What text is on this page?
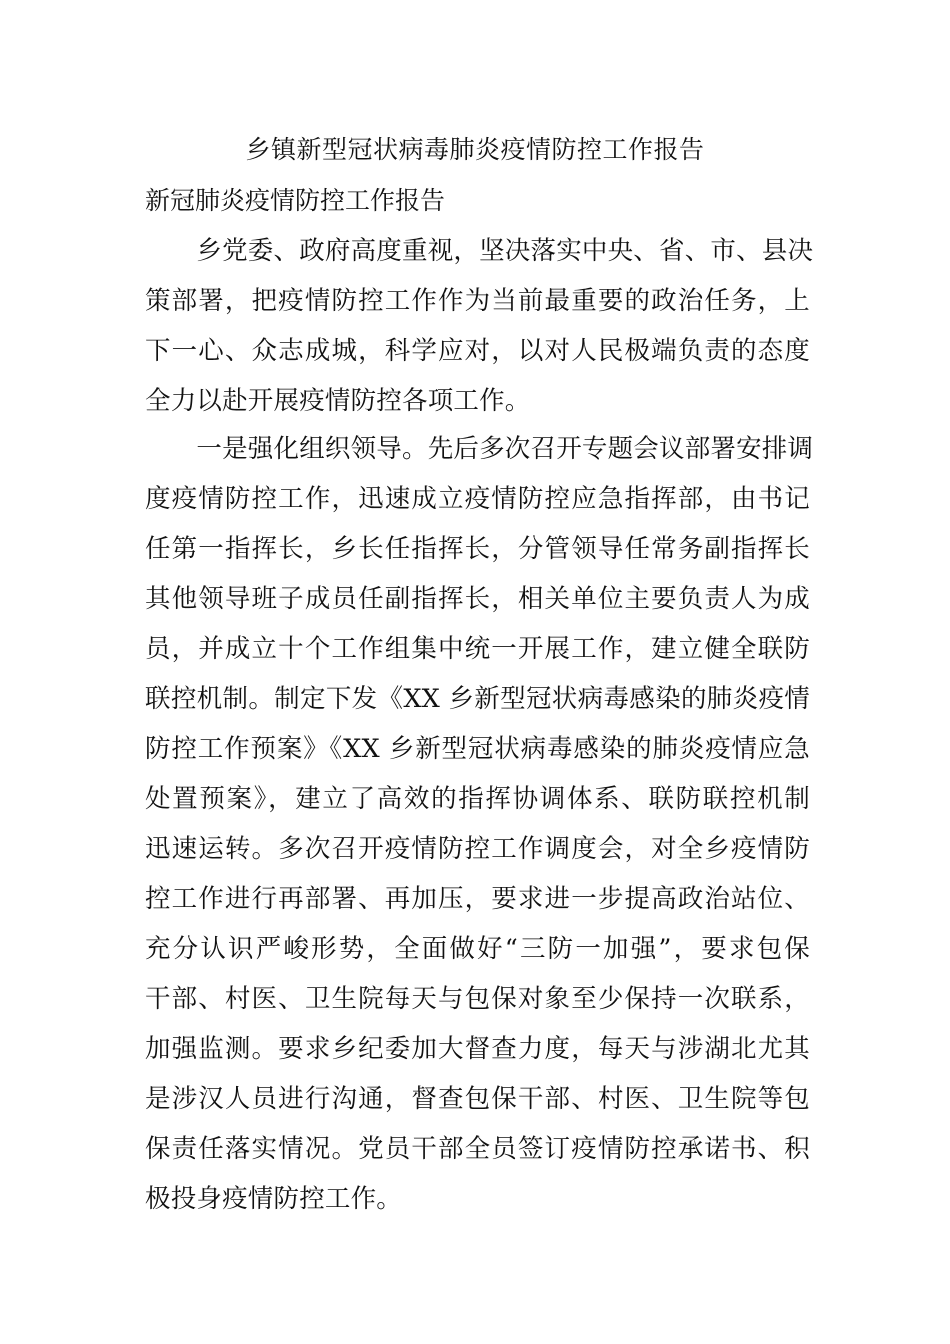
乡镇新型冠状病毒肺炎疫情防控工作报告
新冠肺炎疫情防控工作报告
　　乡党委、政府高度重视，坚决落实中央、省、市、县决
策部署，把疫情防控工作作为当前最重要的政治任务，上
下一心、众志成城，科学应对，以对人民极端负责的态度
全力以赴开展疫情防控各项工作。
　　一是强化组织领导。先后多次召开专题会议部署安排调
度疫情防控工作，迅速成立疫情防控应急指挥部，由书记
任第一指挥长，乡长任指挥长，分管领导任常务副指挥长
其他领导班子成员任副指挥长，相关单位主要负责人为成
员，并成立十个工作组集中统一开展工作，建立健全联防
联控机制。制定下发《XX 乡新型冠状病毒感染的肺炎疫情
防控工作预案》《XX 乡新型冠状病毒感染的肺炎疫情应急
处置预案》，建立了高效的指挥协调体系、联防联控机制
迅速运转。多次召开疫情防控工作调度会，对全乡疫情防
控工作进行再部署、再加压，要求进一步提高政治站位、
充分认识严峻形势，全面做好“三防一加强”，要求包保
干部、村医、卫生院每天与包保对象至少保持一次联系，
加强监测。要求乡纪委加大督查力度，每天与涉湖北尤其
是涉汉人员进行沟通，督查包保干部、村医、卫生院等包
保责任落实情况。党员干部全员签订疫情防控承诺书、积
极投身疫情防控工作。
